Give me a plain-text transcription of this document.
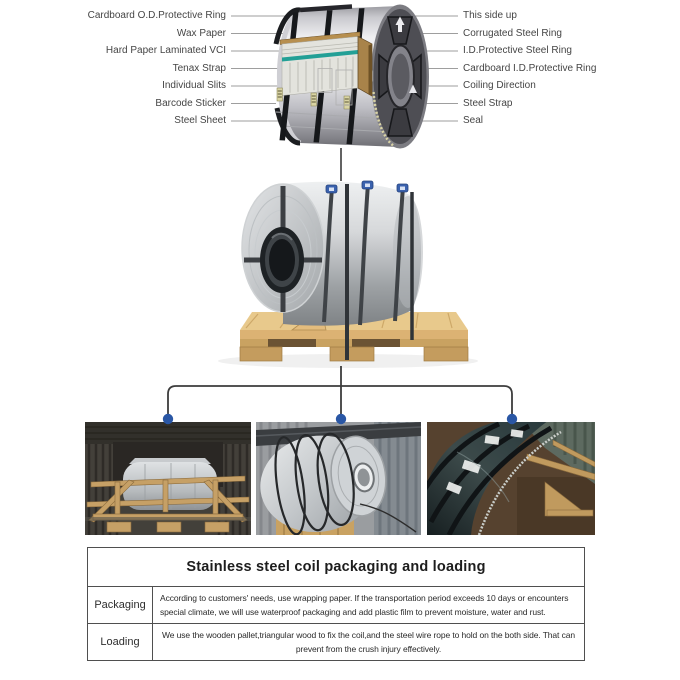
Cardboard O.D.Protective Ring
Wax Paper
Hard Paper Laminated VCI
Tenax Strap
Individual Slits
Barcode Sticker
Steel Sheet
This side up
Corrugated Steel Ring
I.D.Protective Steel Ring
Cardboard I.D.Protective Ring
Coiling Direction
Steel Strap
Seal
Stainless steel coil packaging and loading
Packaging
According to customers' needs, use wrapping paper. If the transportation period exceeds 10 days or encounters special climate, we will use waterproof packaging and add plastic film to prevent moisture, water and rust.
Loading
We use the wooden pallet,triangular wood to fix the coil,and the steel wire rope to hold on the both side. That can prevent from the crush injury effectively.
